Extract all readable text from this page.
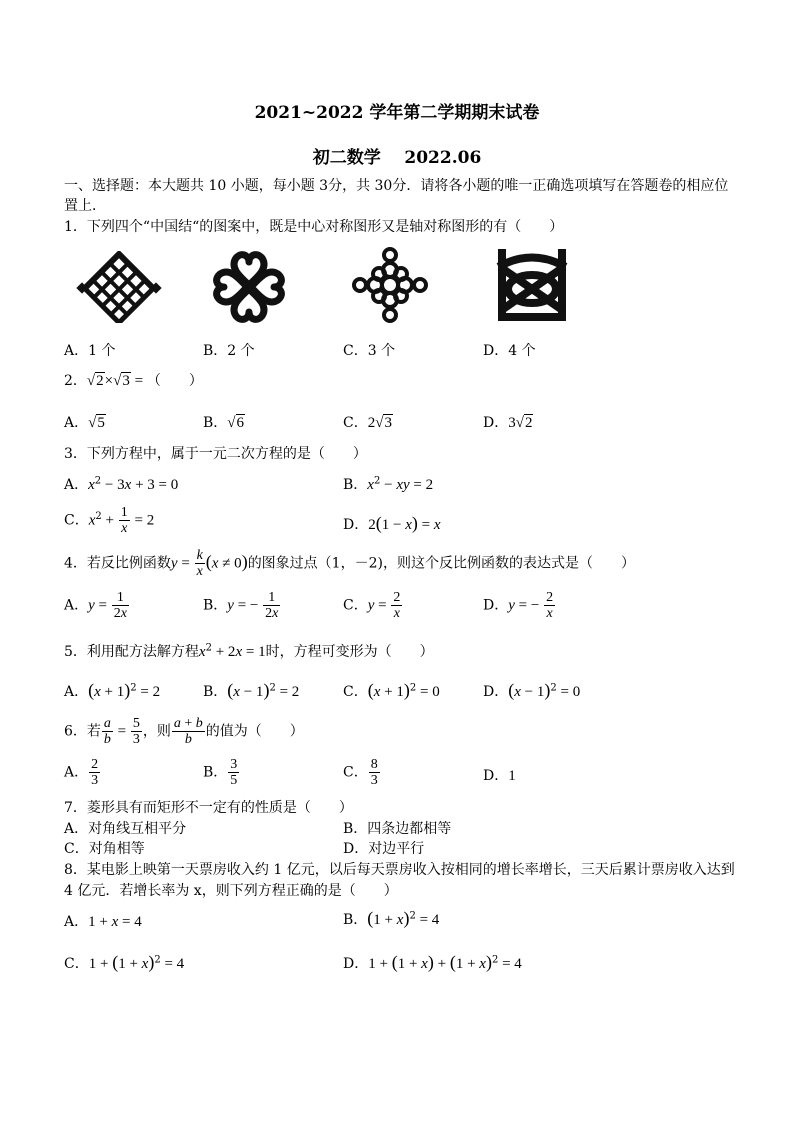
2021~2022 学年第二学期期末试卷
初二数学 2022.06
一、选择题：本大题共 10 小题，每小题 3分，共 30分．请将各小题的唯一正确选项填写在答题卷的相应位
置上．
1．下列四个“中国结“的图案中，既是中心对称图形又是轴对称图形的有（　　）
A．1 个	B．2 个	C．3 个	D．4 个
2．√2×√3 = （　　）
A．√5	B．√6	C．2√3	D．3√2
3．下列方程中，属于一元二次方程的是（　　）
A．$x^2 - 3x + 3 = 0$	B．$x^2$ − xy = 2
C．$x^2 + \frac{1}{x} = 2$	D．2(1 − x) = x
4．若反比例函数$y = \frac{k}{x} (x \ne 0)$的图象过点（1，－2)，则这个反比例函数的表达式是（　　）
A．$y = \frac{1}{2x}$	B．y = − $\frac{1}{2x}$	C．$y = \frac{2}{x}$	D．y = − $\frac{2}{x}$
5．利用配方法解方程$x^2 + 2x = 1$时，方程可变形为（　　）
A．$(x + 1)^2 = 2$	B．$(x - 1)^2 = 2$	C．$(x + 1)^2 = 0$	D．$(x - 1)^2 = 0$
6．若 $\frac{a}{b} = \frac{5}{3}$ ，则 $\frac{a + b}{b}$ 的值为（　　）
A． $\frac{2}{3}$	B． $\frac{3}{5}$	C． $\frac{8}{3}$	D．1
7．菱形具有而矩形不一定有的性质是（　　）
A．对角线互相平分	B．四条边都相等
C．对角相等	D．对边平行
8．某电影上映第一天票房收入约 1 亿元，以后每天票房收入按相同的增长率增长，三天后累计票房收入达到
4 亿元．若增长率为 x，则下列方程正确的是（　　）
A．1 + x = 4	B．$(1 + x)^2 = 4$
C．$1 + (1 + x)^2 = 4$	D．$1 + (1 + x) + (1 + x)^2 = 4$
